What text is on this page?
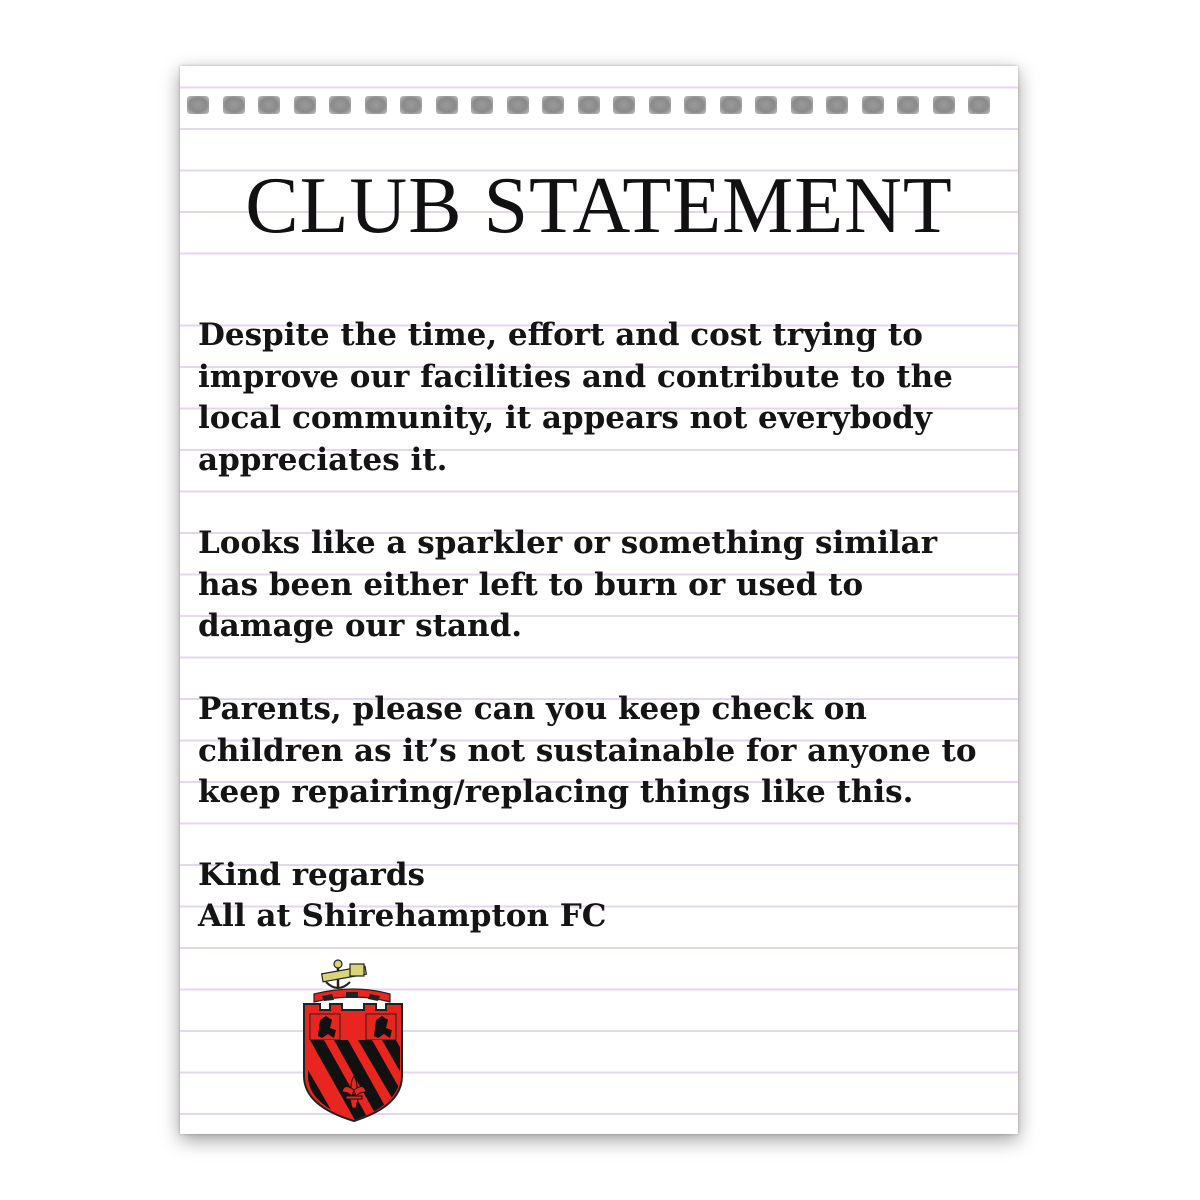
CLUB STATEMENT

Despite the time, effort and cost trying to improve our facilities and contribute to the local community, it appears not everybody appreciates it.

Looks like a sparkler or something similar has been either left to burn or used to damage our stand.

Parents, please can you keep check on children as it’s not sustainable for anyone to keep repairing/replacing things like this.

Kind regards

All at Shirehampton FC
